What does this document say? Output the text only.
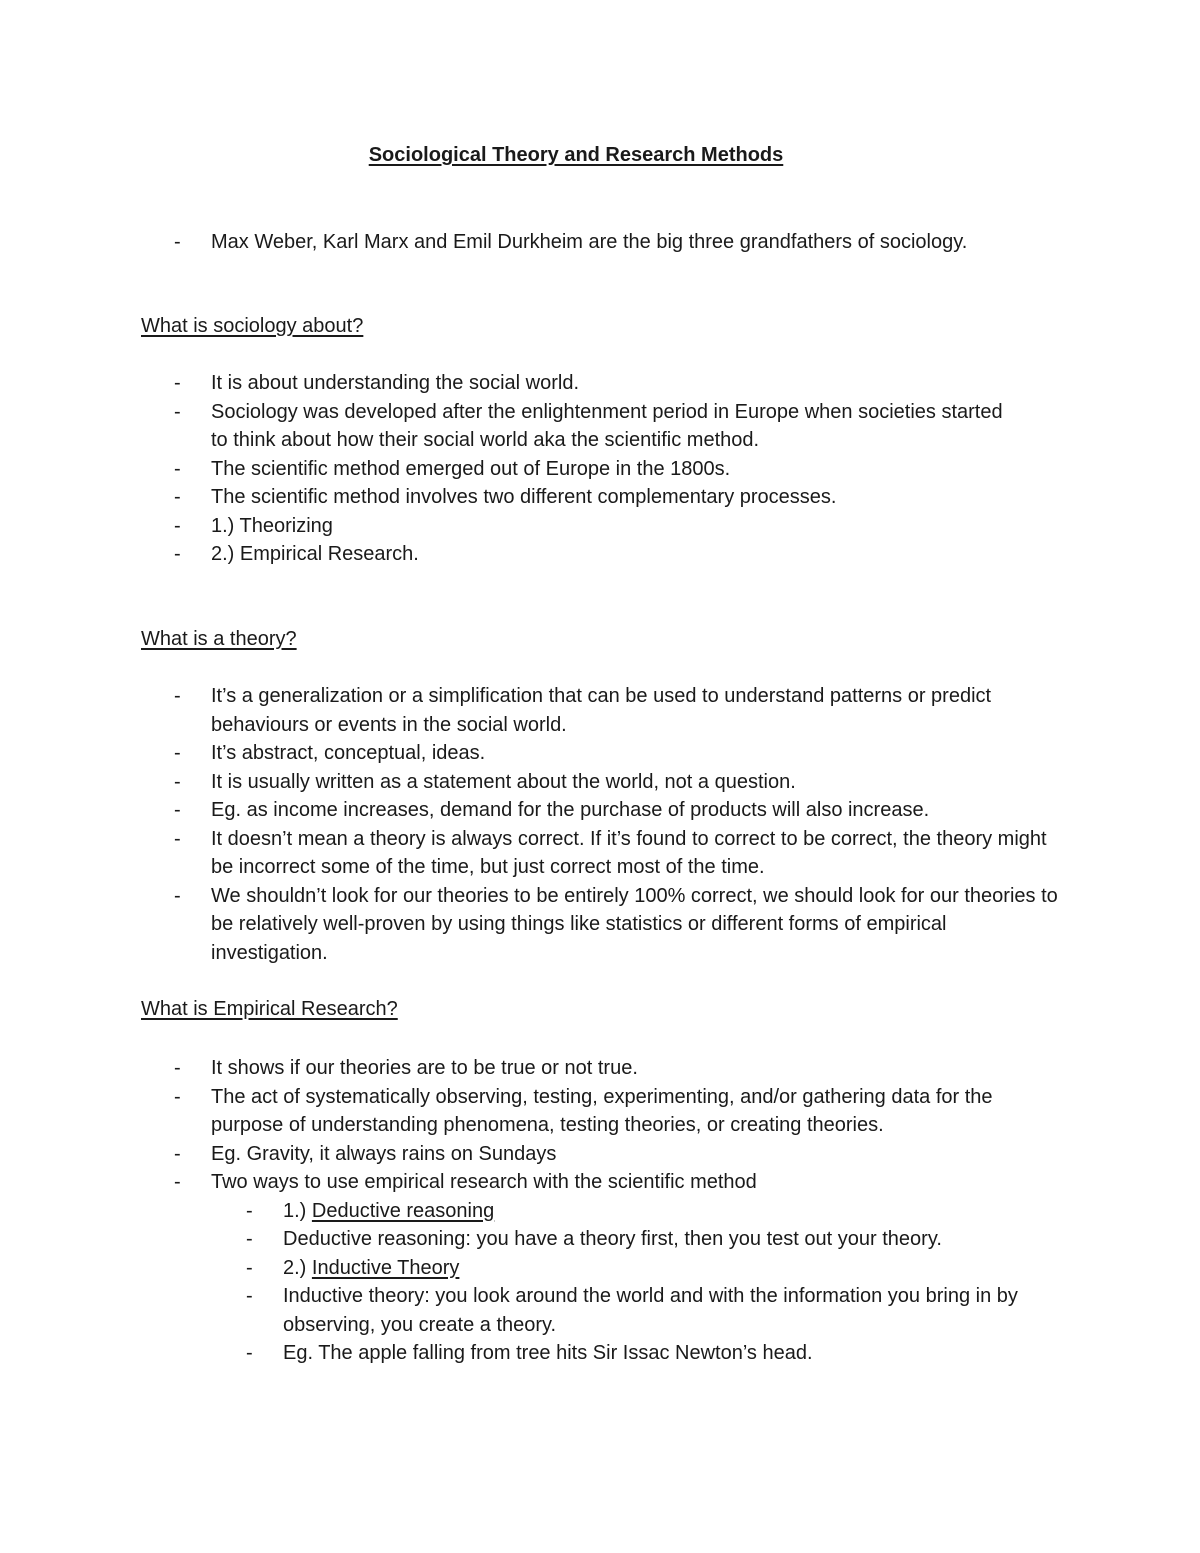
Sociological Theory and Research Methods
-	Max Weber, Karl Marx and Emil Durkheim are the big three grandfathers of sociology.
What is sociology about?
-	It is about understanding the social world.
-	Sociology was developed after the enlightenment period in Europe when societies started to think about how their social world aka the scientific method.
-	The scientific method emerged out of Europe in the 1800s.
-	The scientific method involves two different complementary processes.
-	1.) Theorizing
-	2.) Empirical Research.
What is a theory?
-	It’s a generalization or a simplification that can be used to understand patterns or predict behaviours or events in the social world.
-	It’s abstract, conceptual, ideas.
-	It is usually written as a statement about the world, not a question.
-	Eg. as income increases, demand for the purchase of products will also increase.
-	It doesn’t mean a theory is always correct. If it’s found to correct to be correct, the theory might be incorrect some of the time, but just correct most of the time.
-	We shouldn’t look for our theories to be entirely 100% correct, we should look for our theories to be relatively well-proven by using things like statistics or different forms of empirical investigation.
What is Empirical Research?
-	It shows if our theories are to be true or not true.
-	The act of systematically observing, testing, experimenting, and/or gathering data for the purpose of understanding phenomena, testing theories, or creating theories.
-	Eg. Gravity, it always rains on Sundays
-	Two ways to use empirical research with the scientific method
-	1.) Deductive reasoning
-	Deductive reasoning: you have a theory first, then you test out your theory.
-	2.) Inductive Theory
-	Inductive theory: you look around the world and with the information you bring in by observing, you create a theory.
-	Eg. The apple falling from tree hits Sir Issac Newton’s head.
